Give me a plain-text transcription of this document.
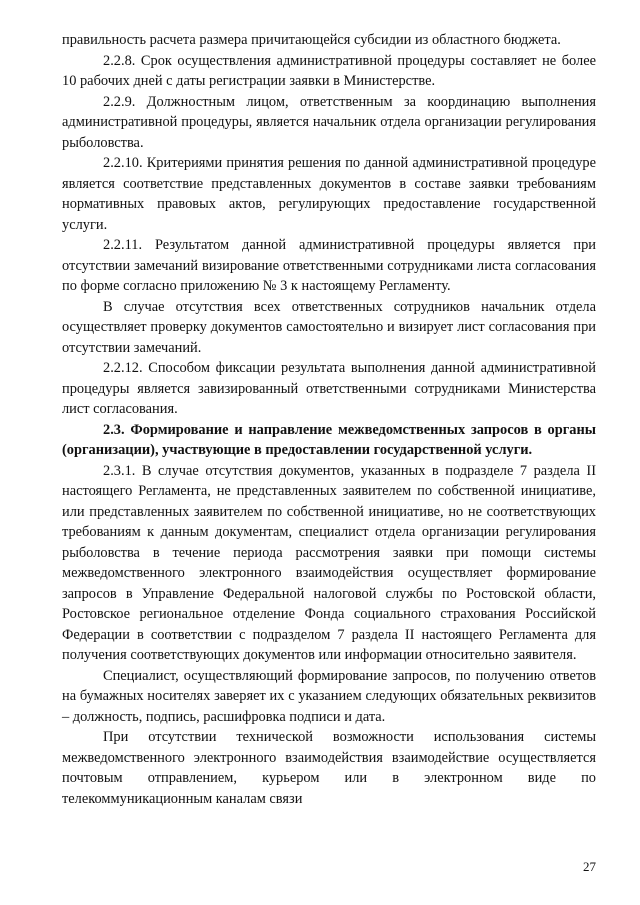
правильность расчета размера причитающейся субсидии из областного бюджета.

2.2.8. Срок осуществления административной процедуры составляет не более 10 рабочих дней с даты регистрации заявки в Министерстве.

2.2.9. Должностным лицом, ответственным за координацию выполнения административной процедуры, является начальник отдела организации регулирования рыболовства.

2.2.10. Критериями принятия решения по данной административной процедуре является соответствие представленных документов в составе заявки требованиям нормативных правовых актов, регулирующих предоставление государственной услуги.

2.2.11. Результатом данной административной процедуры является при отсутствии замечаний визирование ответственными сотрудниками листа согласования по форме согласно приложению № 3 к настоящему Регламенту.

В случае отсутствия всех ответственных сотрудников начальник отдела осуществляет проверку документов самостоятельно и визирует лист согласования при отсутствии замечаний.

2.2.12. Способом фиксации результата выполнения данной административной процедуры является завизированный ответственными сотрудниками Министерства лист согласования.

2.3. Формирование и направление межведомственных запросов в органы (организации), участвующие в предоставлении государственной услуги.

2.3.1. В случае отсутствия документов, указанных в подразделе 7 раздела II настоящего Регламента, не представленных заявителем по собственной инициативе, или представленных заявителем по собственной инициативе, но не соответствующих требованиям к данным документам, специалист отдела организации регулирования рыболовства в течение периода рассмотрения заявки при помощи системы межведомственного электронного взаимодействия осуществляет формирование запросов в Управление Федеральной налоговой службы по Ростовской области, Ростовское региональное отделение Фонда социального страхования Российской Федерации в соответствии с подразделом 7 раздела II настоящего Регламента для получения соответствующих документов или информации относительно заявителя.

Специалист, осуществляющий формирование запросов, по получению ответов на бумажных носителях заверяет их с указанием следующих обязательных реквизитов – должность, подпись, расшифровка подписи и дата.

При отсутствии технической возможности использования системы межведомственного электронного взаимодействия взаимодействие осуществляется почтовым отправлением, курьером или в электронном виде по телекоммуникационным каналам связи

27
